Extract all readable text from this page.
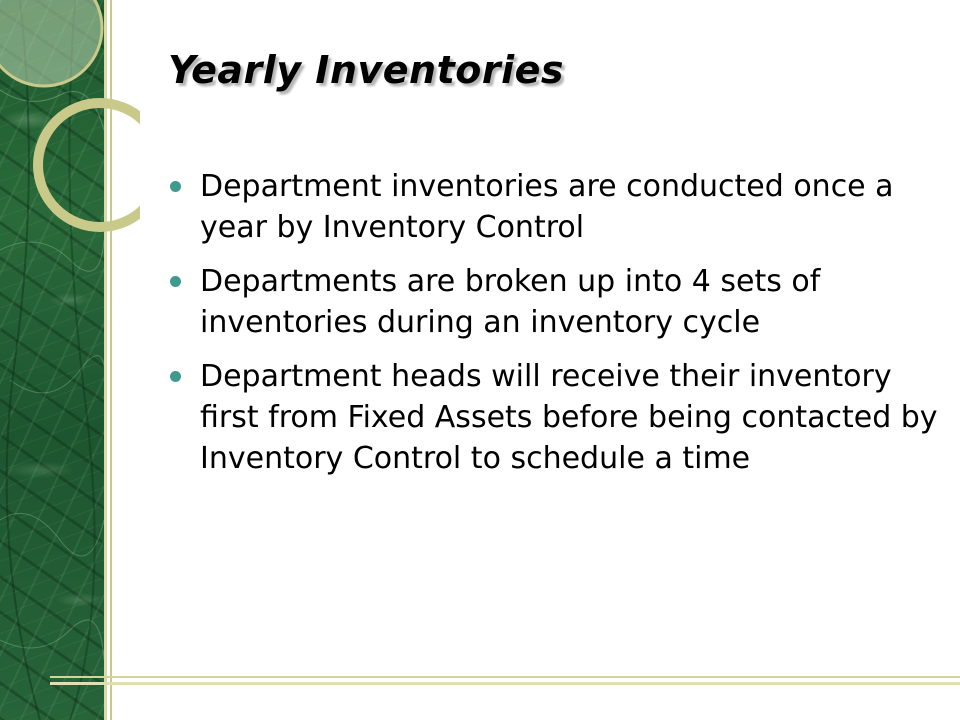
Yearly Inventories
Department inventories are conducted once a year by Inventory Control
Departments are broken up into 4 sets of inventories during an inventory cycle
Department heads will receive their inventory first from Fixed Assets before being contacted by Inventory Control to schedule a time
